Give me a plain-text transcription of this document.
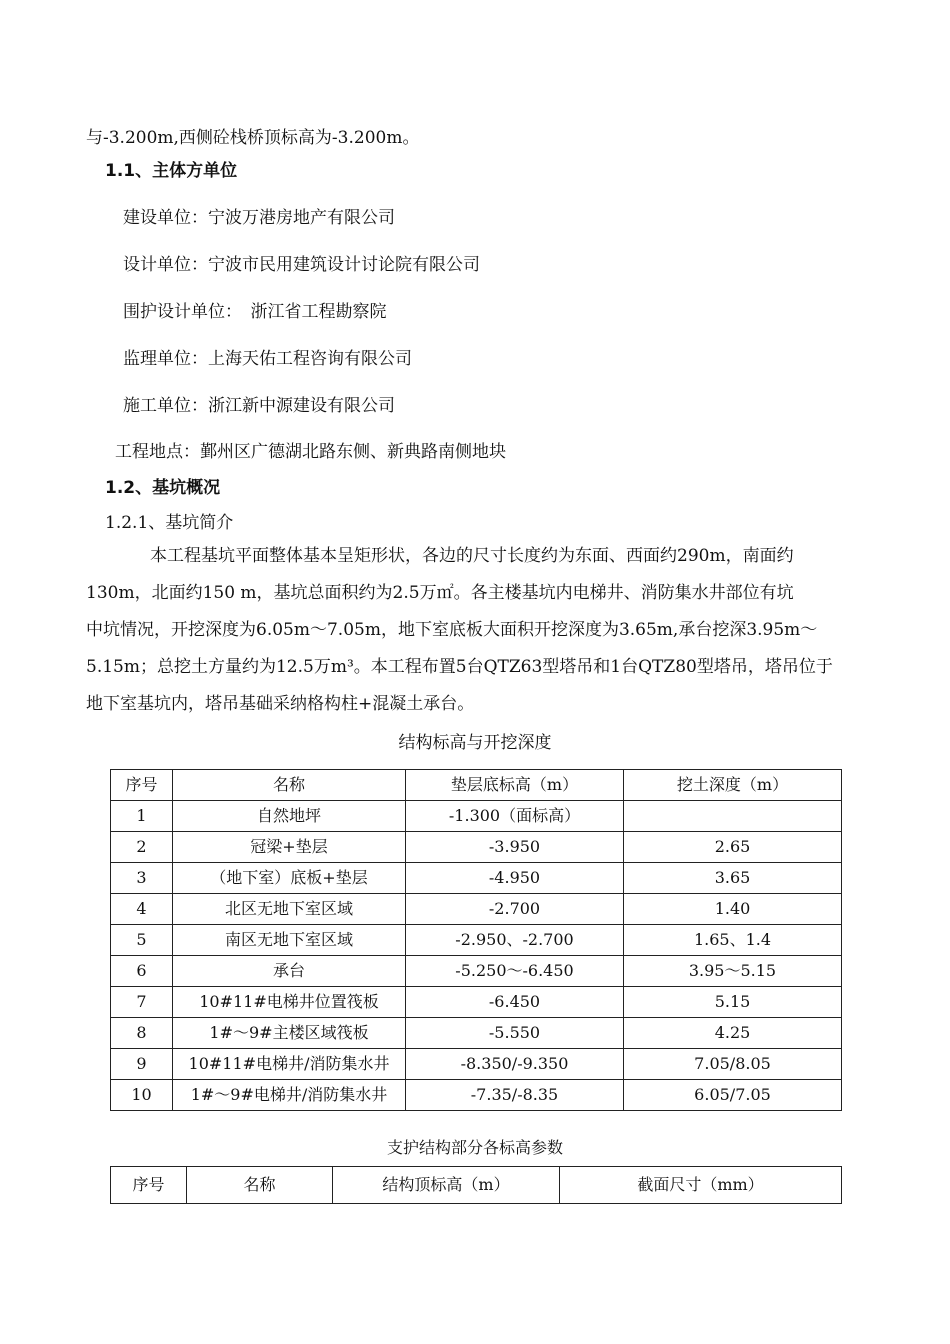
与-3.200m,西侧砼栈桥顶标高为-3.200m。
1.1、主体方单位
建设单位：宁波万港房地产有限公司
设计单位：宁波市民用建筑设计讨论院有限公司
围护设计单位：　浙江省工程勘察院
监理单位：上海天佑工程咨询有限公司
施工单位：浙江新中源建设有限公司
工程地点：鄞州区广德湖北路东侧、新典路南侧地块
1.2、基坑概况
1.2.1、基坑简介
本工程基坑平面整体基本呈矩形状，各边的尺寸长度约为东面、西面约290m，南面约
130m，北面约150 m，基坑总面积约为2.5万㎡。各主楼基坑内电梯井、消防集水井部位有坑
中坑情况，开挖深度为6.05m～7.05m，地下室底板大面积开挖深度为3.65m,承台挖深3.95m～
5.15m；总挖土方量约为12.5万m³。本工程布置5台QTZ63型塔吊和1台QTZ80型塔吊，塔吊位于
地下室基坑内，塔吊基础采纳格构柱+混凝土承台。
结构标高与开挖深度
序号	名称	垫层底标高（m）	挖土深度（m）
1	自然地坪	-1.300（面标高）	
2	冠梁+垫层	-3.950	2.65
3	（地下室）底板+垫层	-4.950	3.65
4	北区无地下室区域	-2.700	1.40
5	南区无地下室区域	-2.950、-2.700	1.65、1.4
6	承台	-5.250～-6.450	3.95～5.15
7	10#11#电梯井位置筏板	-6.450	5.15
8	1#～9#主楼区域筏板	-5.550	4.25
9	10#11#电梯井/消防集水井	-8.350/-9.350	7.05/8.05
10	1#～9#电梯井/消防集水井	-7.35/-8.35	6.05/7.05
支护结构部分各标高参数
序号	名称	结构顶标高（m）	截面尺寸（mm）
